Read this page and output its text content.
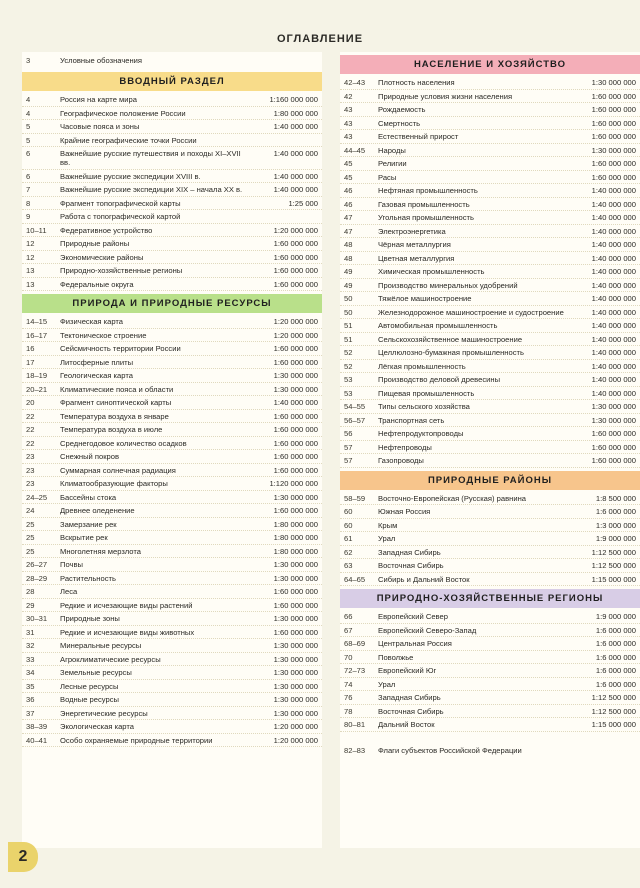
ОГЛАВЛЕНИЕ
3	Условные обозначения
ВВОДНЫЙ РАЗДЕЛ
4	Россия на карте мира	1:160 000 000
4	Географическое положение России	1:80 000 000
5	Часовые пояса и зоны	1:40 000 000
5	Крайние географические точки России
6	Важнейшие русские путешествия и походы XI–XVII вв.
1:40 000 000
6	Важнейшие русские экспедиции XVIII в.	1:40 000 000
7	Важнейшие русские экспедиции XIX – начала XX в.	1:40 000 000
8	Фрагмент топографической карты	1:25 000
9	Работа с топографической картой
10–11	Федеративное устройство	1:20 000 000
12	Природные районы	1:60 000 000
12	Экономические районы	1:60 000 000
13	Природно-хозяйственные регионы	1:60 000 000
13	Федеральные округа	1:60 000 000
ПРИРОДА И ПРИРОДНЫЕ РЕСУРСЫ
14–15	Физическая карта	1:20 000 000
16–17	Тектоническое строение	1:20 000 000
16	Сейсмичность территории России	1:60 000 000
17	Литосферные плиты	1:60 000 000
18–19	Геологическая карта	1:30 000 000
20–21	Климатические пояса и области	1:30 000 000
20	Фрагмент синоптической карты	1:40 000 000
22	Температура воздуха в январе	1:60 000 000
22	Температура воздуха в июле	1:60 000 000
22	Среднегодовое количество осадков	1:60 000 000
23	Снежный покров	1:60 000 000
23	Суммарная солнечная радиация	1:60 000 000
23	Климатообразующие факторы	1:120 000 000
24–25	Бассейны стока	1:30 000 000
24	Древнее оледенение	1:60 000 000
25	Замерзание рек	1:80 000 000
25	Вскрытие рек	1:80 000 000
25	Многолетняя мерзлота	1:80 000 000
26–27	Почвы	1:30 000 000
28–29	Растительность	1:30 000 000
28	Леса	1:60 000 000
29	Редкие и исчезающие виды растений	1:60 000 000
30–31	Природные зоны	1:30 000 000
31	Редкие и исчезающие виды животных	1:60 000 000
32	Минеральные ресурсы	1:30 000 000
33	Агроклиматические ресурсы	1:30 000 000
34	Земельные ресурсы	1:30 000 000
35	Лесные ресурсы	1:30 000 000
36	Водные ресурсы	1:30 000 000
37	Энергетические ресурсы	1:30 000 000
38–39	Экологическая карта	1:20 000 000
40–41	Особо охраняемые природные территории	1:20 000 000
НАСЕЛЕНИЕ И ХОЗЯЙСТВО
42–43	Плотность населения	1:30 000 000
42	Природные условия жизни населения	1:60 000 000
43	Рождаемость	1:60 000 000
43	Смертность	1:60 000 000
43	Естественный прирост	1:60 000 000
44–45	Народы	1:30 000 000
45	Религии	1:60 000 000
45	Расы	1:60 000 000
46	Нефтяная промышленность	1:40 000 000
46	Газовая промышленность	1:40 000 000
47	Угольная промышленность	1:40 000 000
47	Электроэнергетика	1:40 000 000
48	Чёрная металлургия	1:40 000 000
48	Цветная металлургия	1:40 000 000
49	Химическая промышленность	1:40 000 000
49	Производство минеральных удобрений	1:40 000 000
50	Тяжёлое машиностроение	1:40 000 000
50	Железнодорожное машиностроение и судостроение	1:40 000 000
51	Автомобильная промышленность	1:40 000 000
51	Сельскохозяйственное машиностроение	1:40 000 000
52	Целлюлозно-бумажная промышленность	1:40 000 000
52	Лёгкая промышленность	1:40 000 000
53	Производство деловой древесины	1:40 000 000
53	Пищевая промышленность	1:40 000 000
54–55	Типы сельского хозяйства	1:30 000 000
56–57	Транспортная сеть	1:30 000 000
56	Нефтепродуктопроводы	1:60 000 000
57	Нефтепроводы	1:60 000 000
57	Газопроводы	1:60 000 000
ПРИРОДНЫЕ РАЙОНЫ
58–59	Восточно-Европейская (Русская) равнина	1:8 500 000
60	Южная Россия	1:6 000 000
60	Крым	1:3 000 000
61	Урал	1:9 000 000
62	Западная Сибирь	1:12 500 000
63	Восточная Сибирь	1:12 500 000
64–65	Сибирь и Дальний Восток	1:15 000 000
ПРИРОДНО-ХОЗЯЙСТВЕННЫЕ РЕГИОНЫ
66	Европейский Север	1:9 000 000
67	Европейский Северо-Запад	1:6 000 000
68–69	Центральная Россия	1:6 000 000
70	Поволжье	1:6 000 000
72–73	Европейский Юг	1:6 000 000
74	Урал	1:6 000 000
76	Западная Сибирь	1:12 500 000
78	Восточная Сибирь	1:12 500 000
80–81	Дальний Восток	1:15 000 000
82–83	Флаги субъектов Российской Федерации
2
